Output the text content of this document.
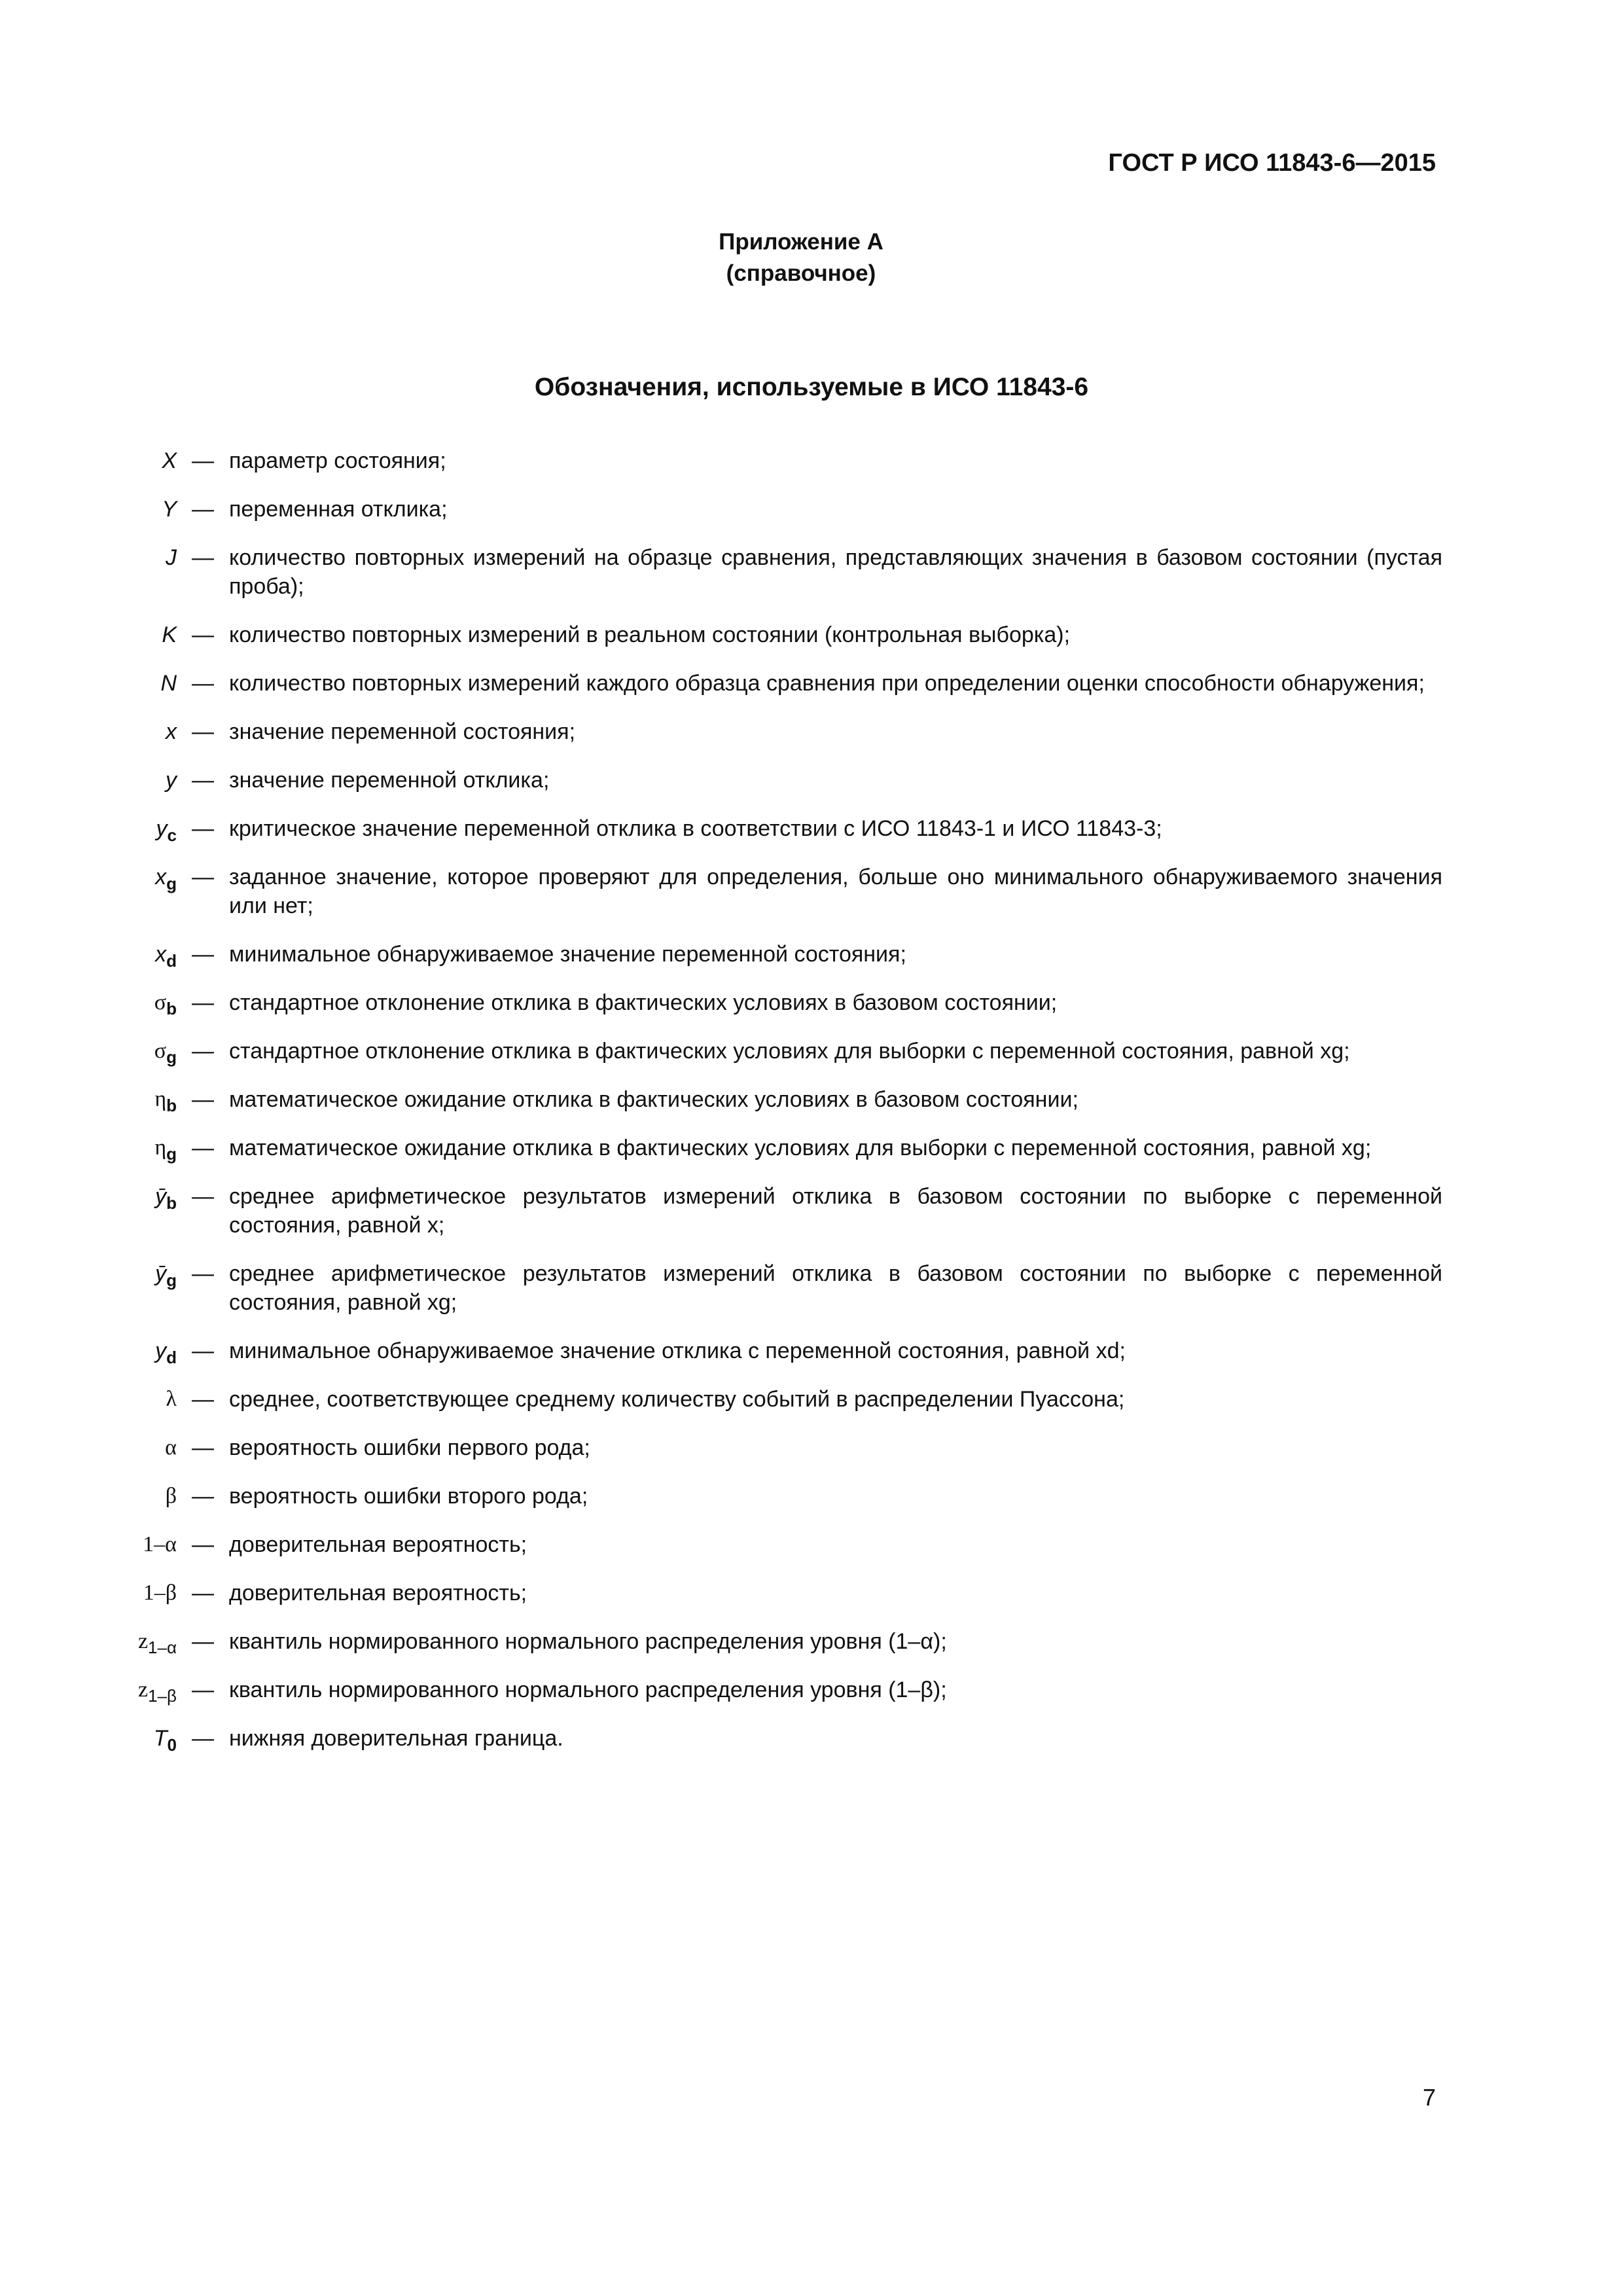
ГОСТ Р ИСО 11843-6—2015
Приложение А
(справочное)
Обозначения, используемые в ИСО 11843-6
X — параметр состояния;
Y — переменная отклика;
J — количество повторных измерений на образце сравнения, представляющих значения в базовом состоянии (пустая проба);
K — количество повторных измерений в реальном состоянии (контрольная выборка);
N — количество повторных измерений каждого образца сравнения при определении оценки способности обнаружения;
x — значение переменной состояния;
y — значение переменной отклика;
$y_c$ — критическое значение переменной отклика в соответствии с ИСО 11843-1 и ИСО 11843-3;
$x_g$ — заданное значение, которое проверяют для определения, больше оно минимального обнаруживаемого значения или нет;
$x_d$ — минимальное обнаруживаемое значение переменной состояния;
$\sigma_b$ — стандартное отклонение отклика в фактических условиях в базовом состоянии;
$\sigma_g$ — стандартное отклонение отклика в фактических условиях для выборки с переменной состояния, равной xg;
$\eta_b$ — математическое ожидание отклика в фактических условиях в базовом состоянии;
$\eta_g$ — математическое ожидание отклика в фактических условиях для выборки с переменной состояния, равной xg;
$ȳ_b$ — среднее арифметическое результатов измерений отклика в базовом состоянии по выборке с переменной состояния, равной x;
$ȳ_g$ — среднее арифметическое результатов измерений отклика в базовом состоянии по выборке с переменной состояния, равной xg;
$y_d$ — минимальное обнаруживаемое значение отклика с переменной состояния, равной xd;
λ — среднее, соответствующее среднему количеству событий в распределении Пуассона;
α — вероятность ошибки первого рода;
β — вероятность ошибки второго рода;
1–α — доверительная вероятность;
1–β — доверительная вероятность;
$z_{1-\alpha}$ — квантиль нормированного нормального распределения уровня (1–α);
$z_{1-\beta}$ — квантиль нормированного нормального распределения уровня (1–β);
$T_0$ — нижняя доверительная граница.
7
